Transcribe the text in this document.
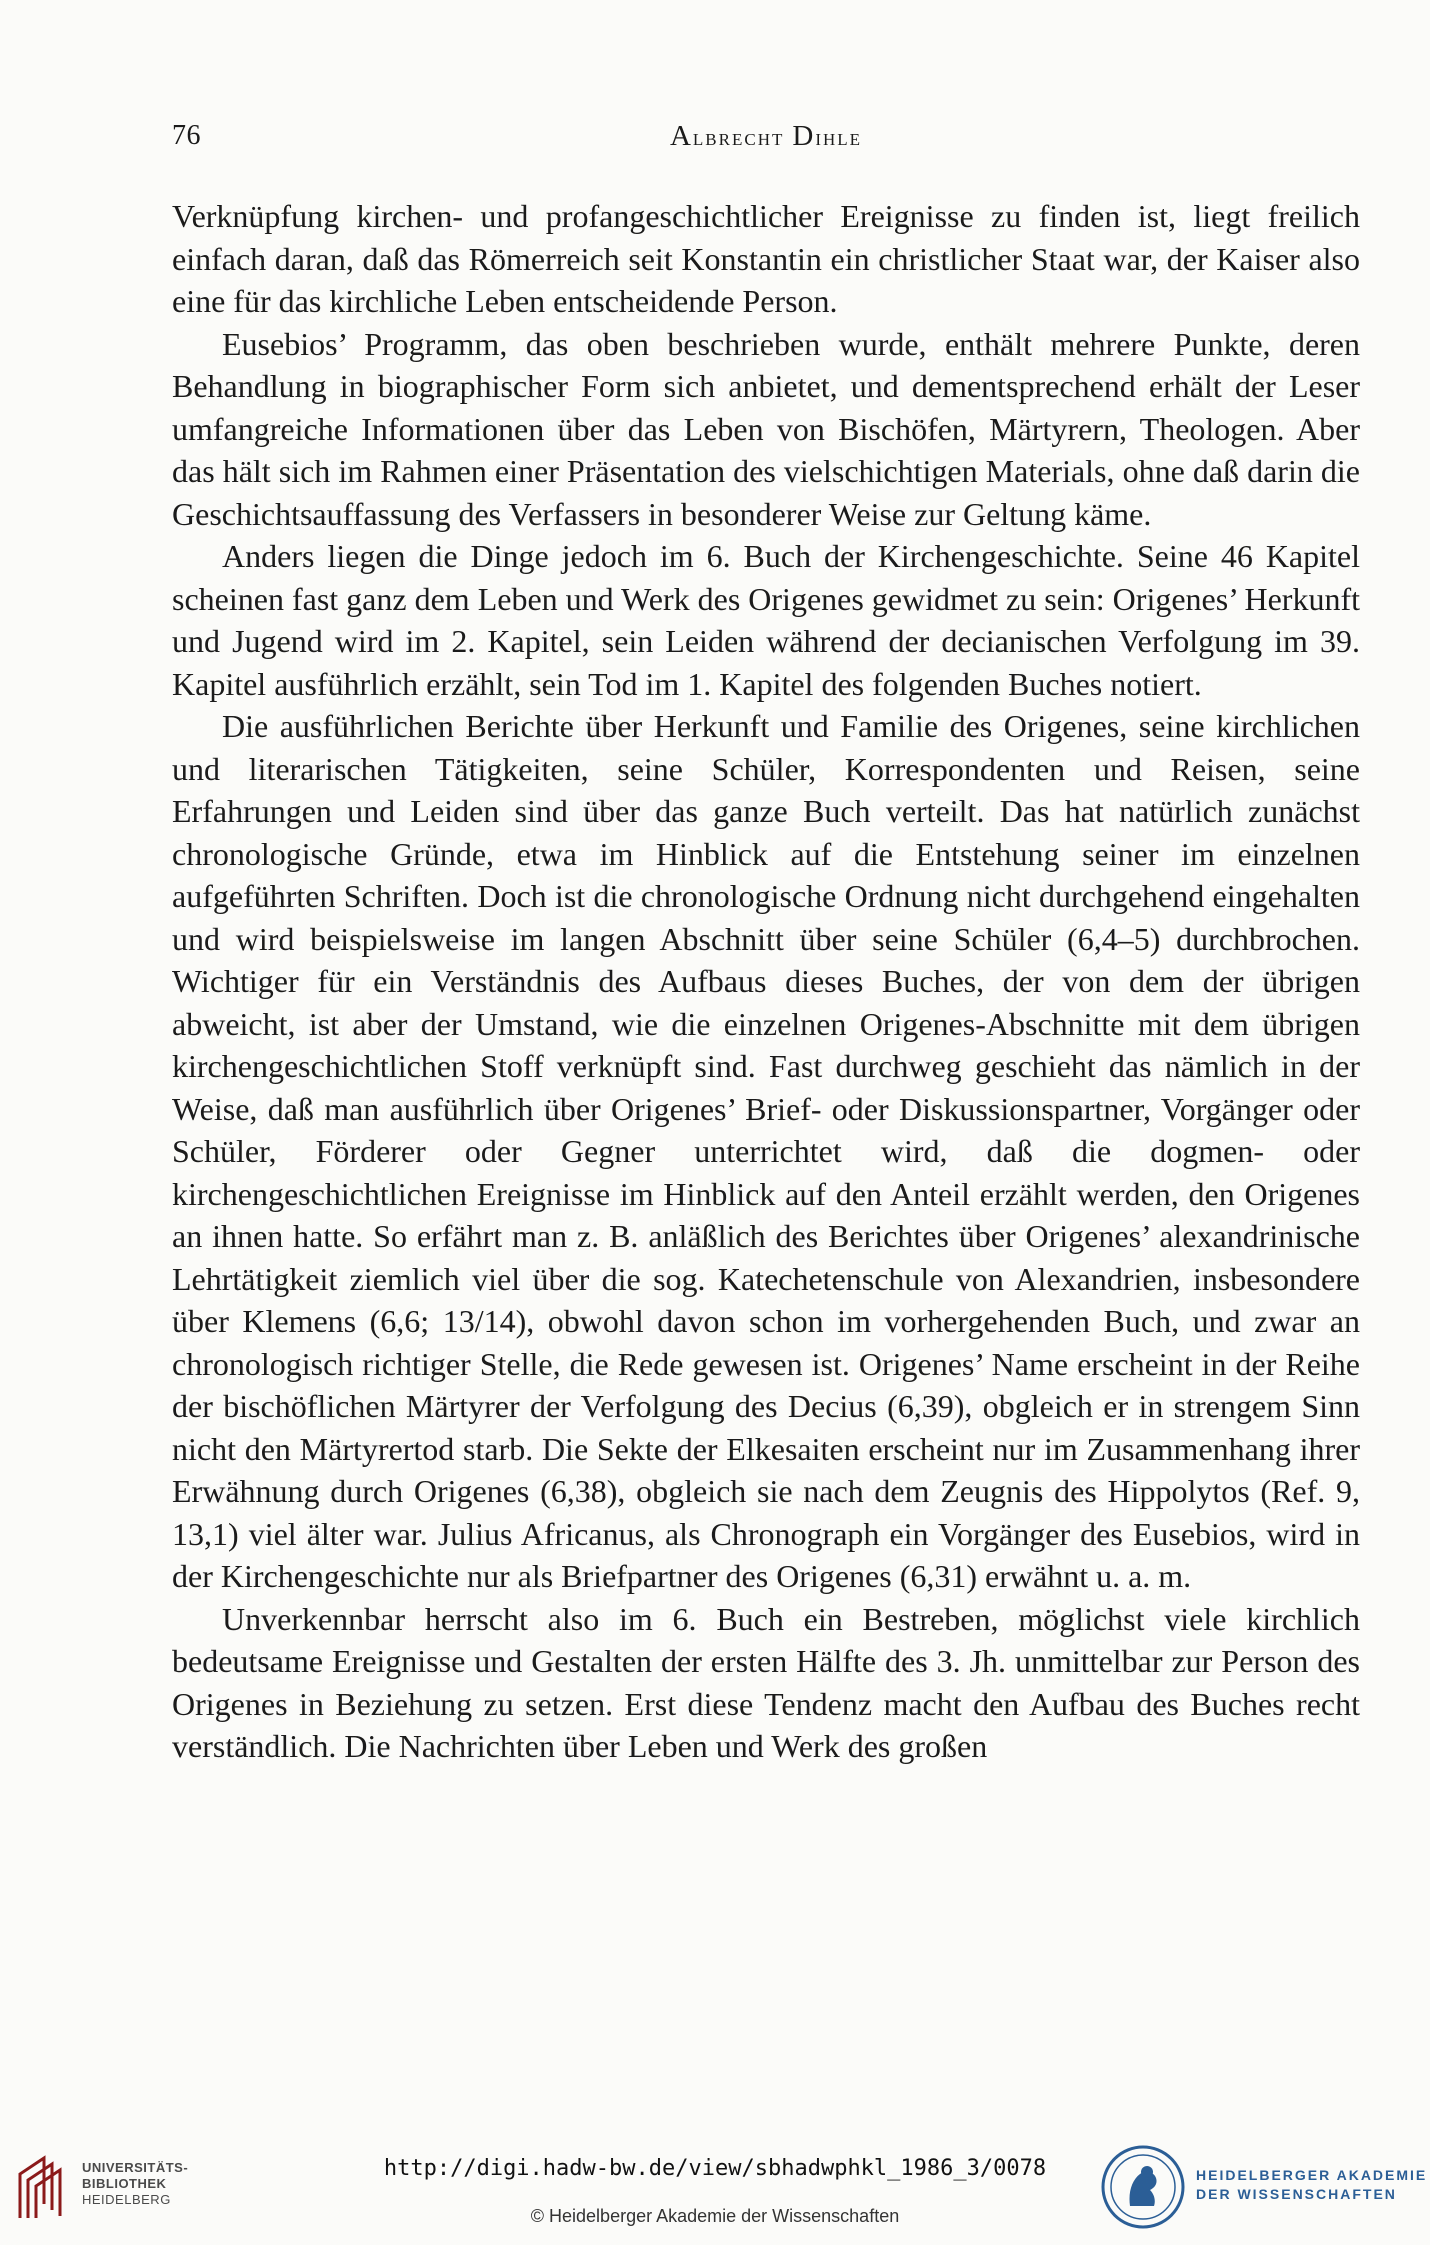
76	Albrecht Dihle

Verknüpfung kirchen- und profangeschichtlicher Ereignisse zu finden ist, liegt freilich einfach daran, daß das Römerreich seit Konstantin ein christlicher Staat war, der Kaiser also eine für das kirchliche Leben entscheidende Person.

Eusebios’ Programm, das oben beschrieben wurde, enthält mehrere Punkte, deren Behandlung in biographischer Form sich anbietet, und dementsprechend erhält der Leser umfangreiche Informationen über das Leben von Bischöfen, Märtyrern, Theologen. Aber das hält sich im Rahmen einer Präsentation des vielschichtigen Materials, ohne daß darin die Geschichtsauffassung des Verfassers in besonderer Weise zur Geltung käme.

Anders liegen die Dinge jedoch im 6. Buch der Kirchengeschichte. Seine 46 Kapitel scheinen fast ganz dem Leben und Werk des Origenes gewidmet zu sein: Origenes’ Herkunft und Jugend wird im 2. Kapitel, sein Leiden während der decianischen Verfolgung im 39. Kapitel ausführlich erzählt, sein Tod im 1. Kapitel des folgenden Buches notiert.

Die ausführlichen Berichte über Herkunft und Familie des Origenes, seine kirchlichen und literarischen Tätigkeiten, seine Schüler, Korrespondenten und Reisen, seine Erfahrungen und Leiden sind über das ganze Buch verteilt. Das hat natürlich zunächst chronologische Gründe, etwa im Hinblick auf die Entstehung seiner im einzelnen aufgeführten Schriften. Doch ist die chronologische Ordnung nicht durchgehend eingehalten und wird beispielsweise im langen Abschnitt über seine Schüler (6,4–5) durchbrochen. Wichtiger für ein Verständnis des Aufbaus dieses Buches, der von dem der übrigen abweicht, ist aber der Umstand, wie die einzelnen Origenes-Abschnitte mit dem übrigen kirchengeschichtlichen Stoff verknüpft sind. Fast durchweg geschieht das nämlich in der Weise, daß man ausführlich über Origenes’ Brief- oder Diskussionspartner, Vorgänger oder Schüler, Förderer oder Gegner unterrichtet wird, daß die dogmen- oder kirchengeschichtlichen Ereignisse im Hinblick auf den Anteil erzählt werden, den Origenes an ihnen hatte. So erfährt man z. B. anläßlich des Berichtes über Origenes’ alexandrinische Lehrtätigkeit ziemlich viel über die sog. Katechetenschule von Alexandrien, insbesondere über Klemens (6,6; 13/14), obwohl davon schon im vorhergehenden Buch, und zwar an chronologisch richtiger Stelle, die Rede gewesen ist. Origenes’ Name erscheint in der Reihe der bischöflichen Märtyrer der Verfolgung des Decius (6,39), obgleich er in strengem Sinn nicht den Märtyrertod starb. Die Sekte der Elkesaiten erscheint nur im Zusammenhang ihrer Erwähnung durch Origenes (6,38), obgleich sie nach dem Zeugnis des Hippolytos (Ref. 9, 13,1) viel älter war. Julius Africanus, als Chronograph ein Vorgänger des Eusebios, wird in der Kirchengeschichte nur als Briefpartner des Origenes (6,31) erwähnt u. a. m.

Unverkennbar herrscht also im 6. Buch ein Bestreben, möglichst viele kirchlich bedeutsame Ereignisse und Gestalten der ersten Hälfte des 3. Jh. unmittelbar zur Person des Origenes in Beziehung zu setzen. Erst diese Tendenz macht den Aufbau des Buches recht verständlich. Die Nachrichten über Leben und Werk des großen

UNIVERSITÄTS-
BIBLIOTHEK
HEIDELBERG
http://digi.hadw-bw.de/view/sbhadwphkl_1986_3/0078
© Heidelberger Akademie der Wissenschaften
HEIDELBERGER AKADEMIE
DER WISSENSCHAFTEN
